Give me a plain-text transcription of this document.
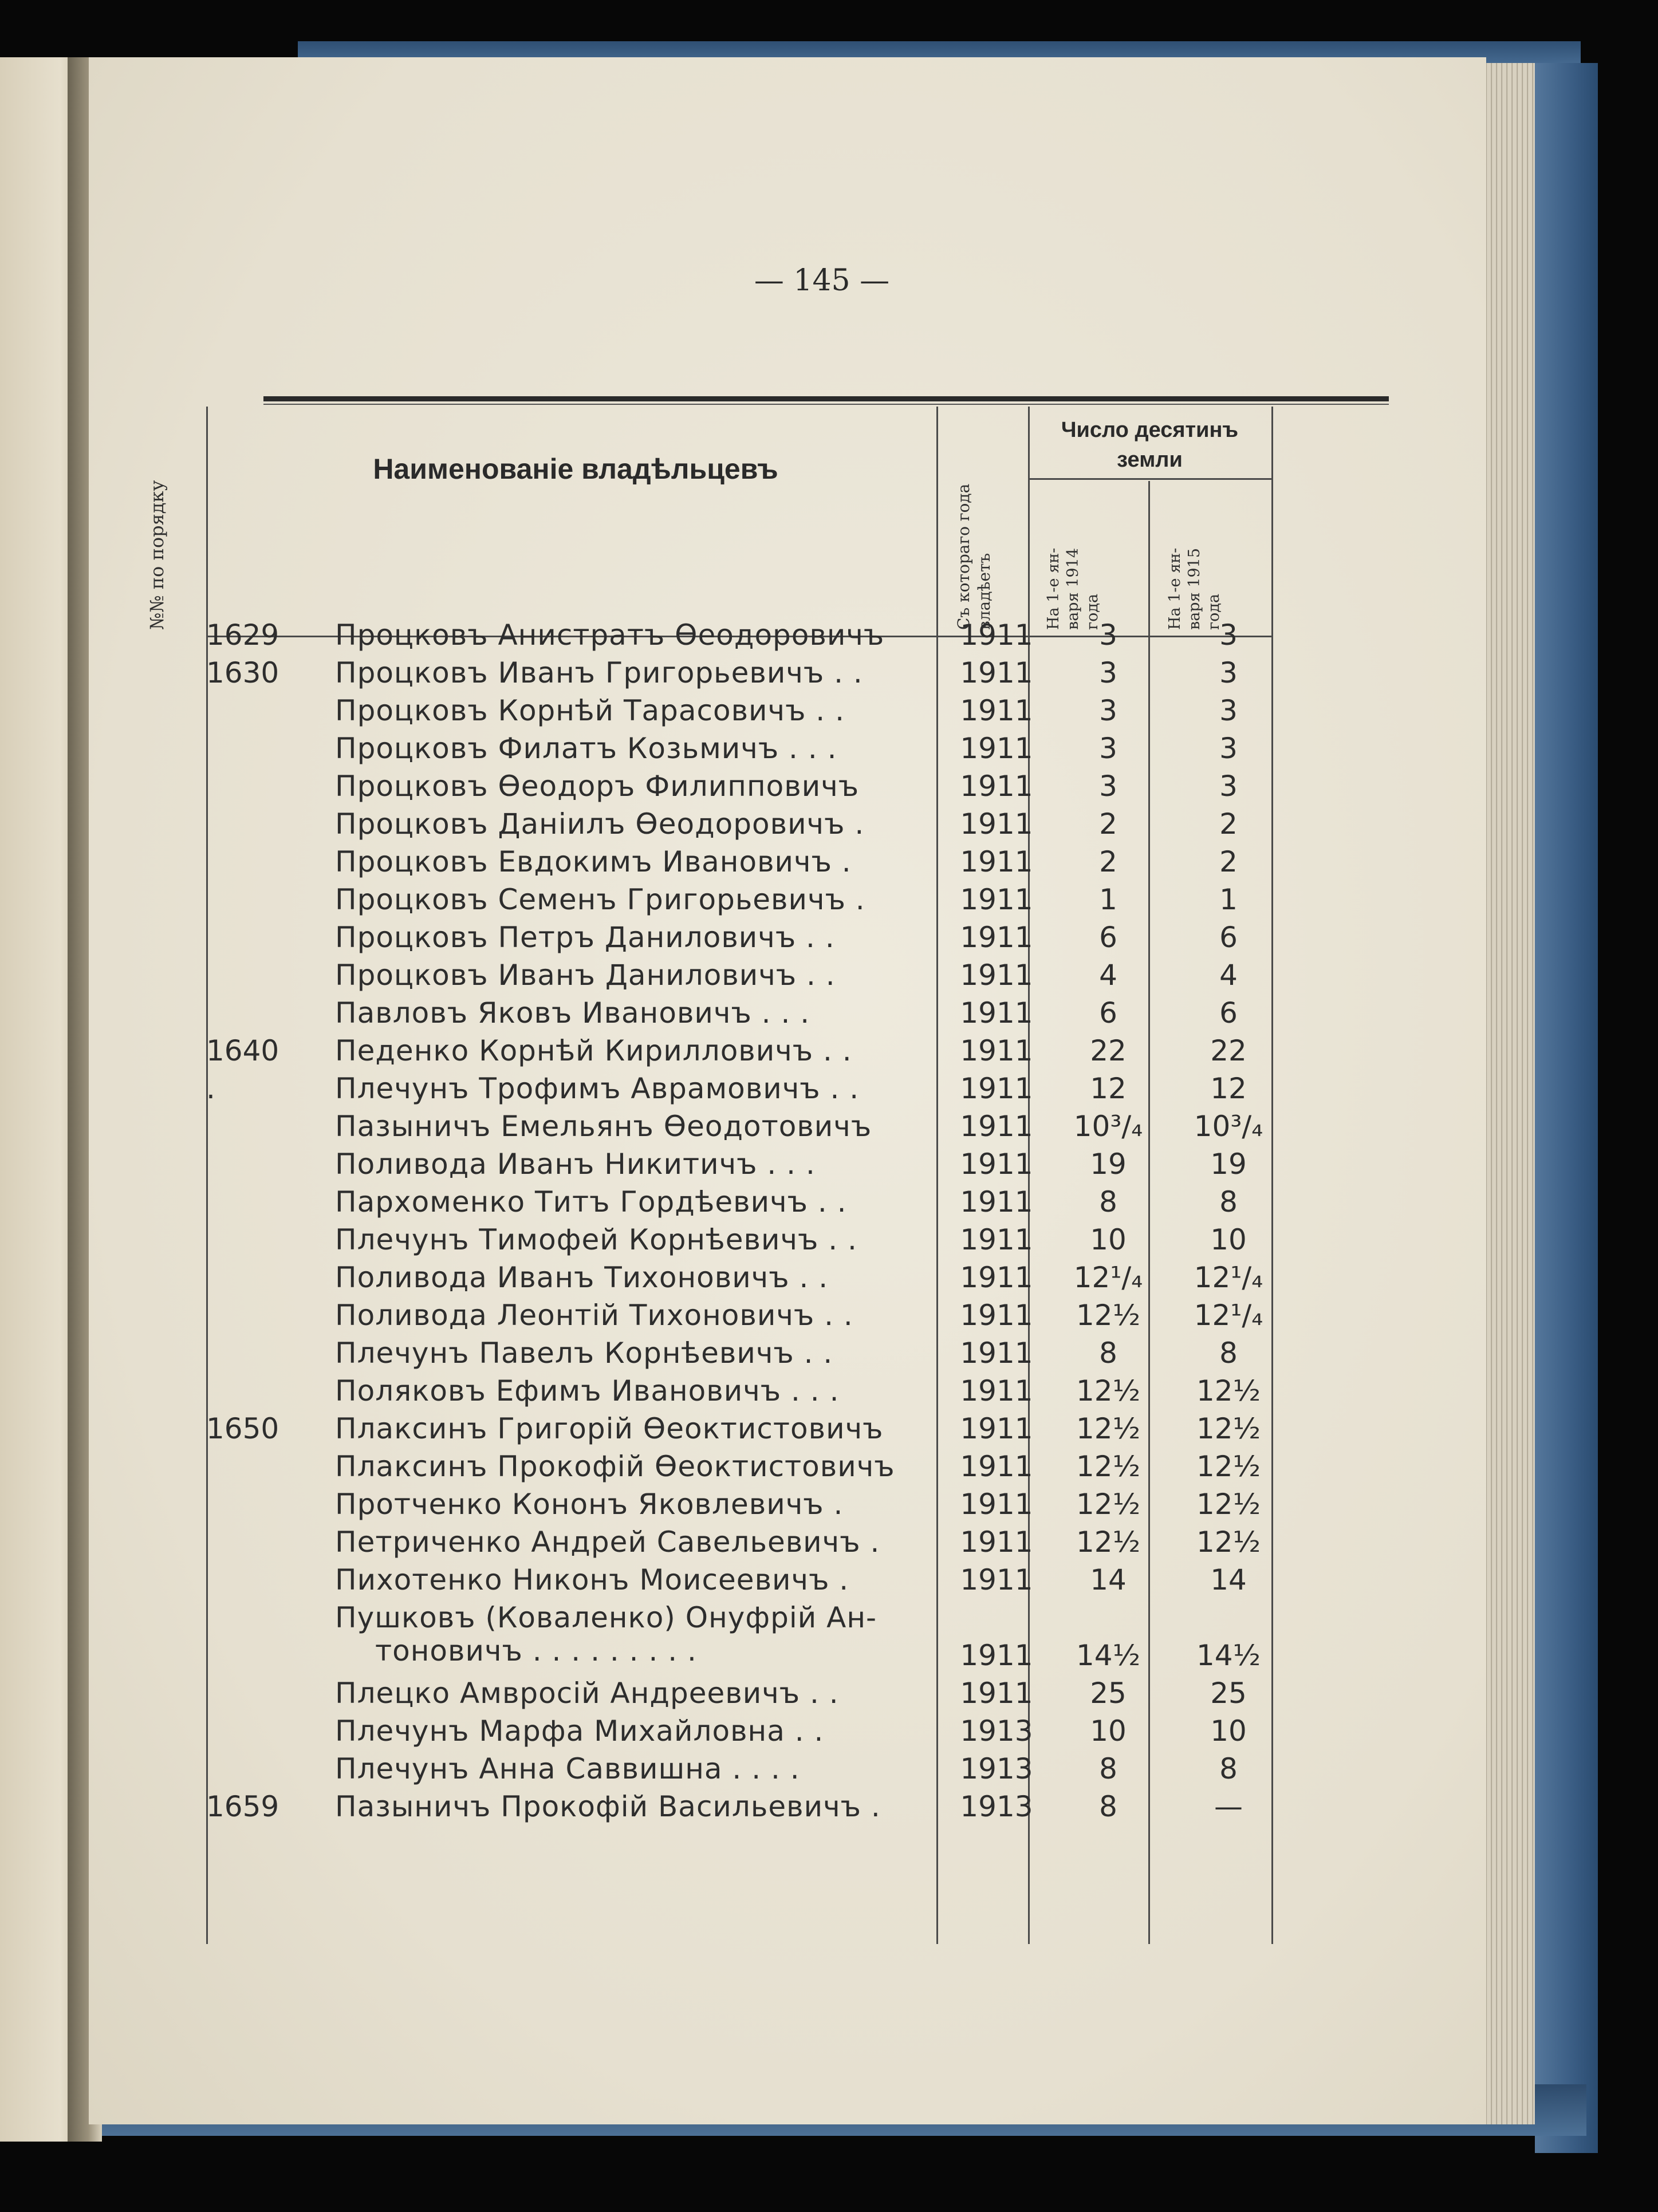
— 145 —
№№ по порядку
Наименованіе владѣльцевъ
Съ котораго года владѣетъ
Число десятинъ земли
На 1-е ян- варя 1914 года	На 1-е ян- варя 1915 года
1629	Процковъ Анистратъ Ѳеодоровичъ	1911	3	3
1630	Процковъ Иванъ Григорьевичъ . .	1911	3	3
Процковъ Корнѣй Тарасовичъ . .	1911	3	3
Процковъ Филатъ Козьмичъ . . .	1911	3	3
Процковъ Ѳеодоръ Филипповичъ	1911	3	3
Процковъ Даніилъ Ѳеодоровичъ .	1911	2	2
Процковъ Евдокимъ Ивановичъ .	1911	2	2
Процковъ Семенъ Григорьевичъ .	1911	1	1
Процковъ Петръ Даниловичъ . .	1911	6	6
Процковъ Иванъ Даниловичъ . .	1911	4	4
Павловъ Яковъ Ивановичъ . . .	1911	6	6
1640	Педенко Корнѣй Кирилловичъ . .	1911	22	22
.	Плечунъ Трофимъ Аврамовичъ . .	1911	12	12
Пазыничъ Емельянъ Ѳеодотовичъ	1911	10³/₄	10³/₄
Поливода Иванъ Никитичъ . . .	1911	19	19
Пархоменко Титъ Гордѣевичъ . .	1911	8	8
Плечунъ Тимофей Корнѣевичъ . .	1911	10	10
Поливода Иванъ Тихоновичъ . .	1911	12¹/₄	12¹/₄
Поливода Леонтій Тихоновичъ . .	1911	12½	12¹/₄
Плечунъ Павелъ Корнѣевичъ . .	1911	8	8
Поляковъ Ефимъ Ивановичъ . . .	1911	12½	12½
1650	Плаксинъ Григорій Ѳеоктистовичъ	1911	12½	12½
Плаксинъ Прокофій Ѳеоктистовичъ	1911	12½	12½
Протченко Кононъ Яковлевичъ .	1911	12½	12½
Петриченко Андрей Савельевичъ .	1911	12½	12½
Пихотенко Никонъ Моисеевичъ .	1911	14	14
Пушковъ (Коваленко) Онуфрій Ан-
тоновичъ . . . . . . . . .	1911	14½	14½
Плецко Амвросій Андреевичъ . .	1911	25	25
Плечунъ Марфа Михайловна . .	1913	10	10
Плечунъ Анна Саввишна . . . .	1913	8	8
1659	Пазыничъ Прокофій Васильевичъ .	1913	8	—
